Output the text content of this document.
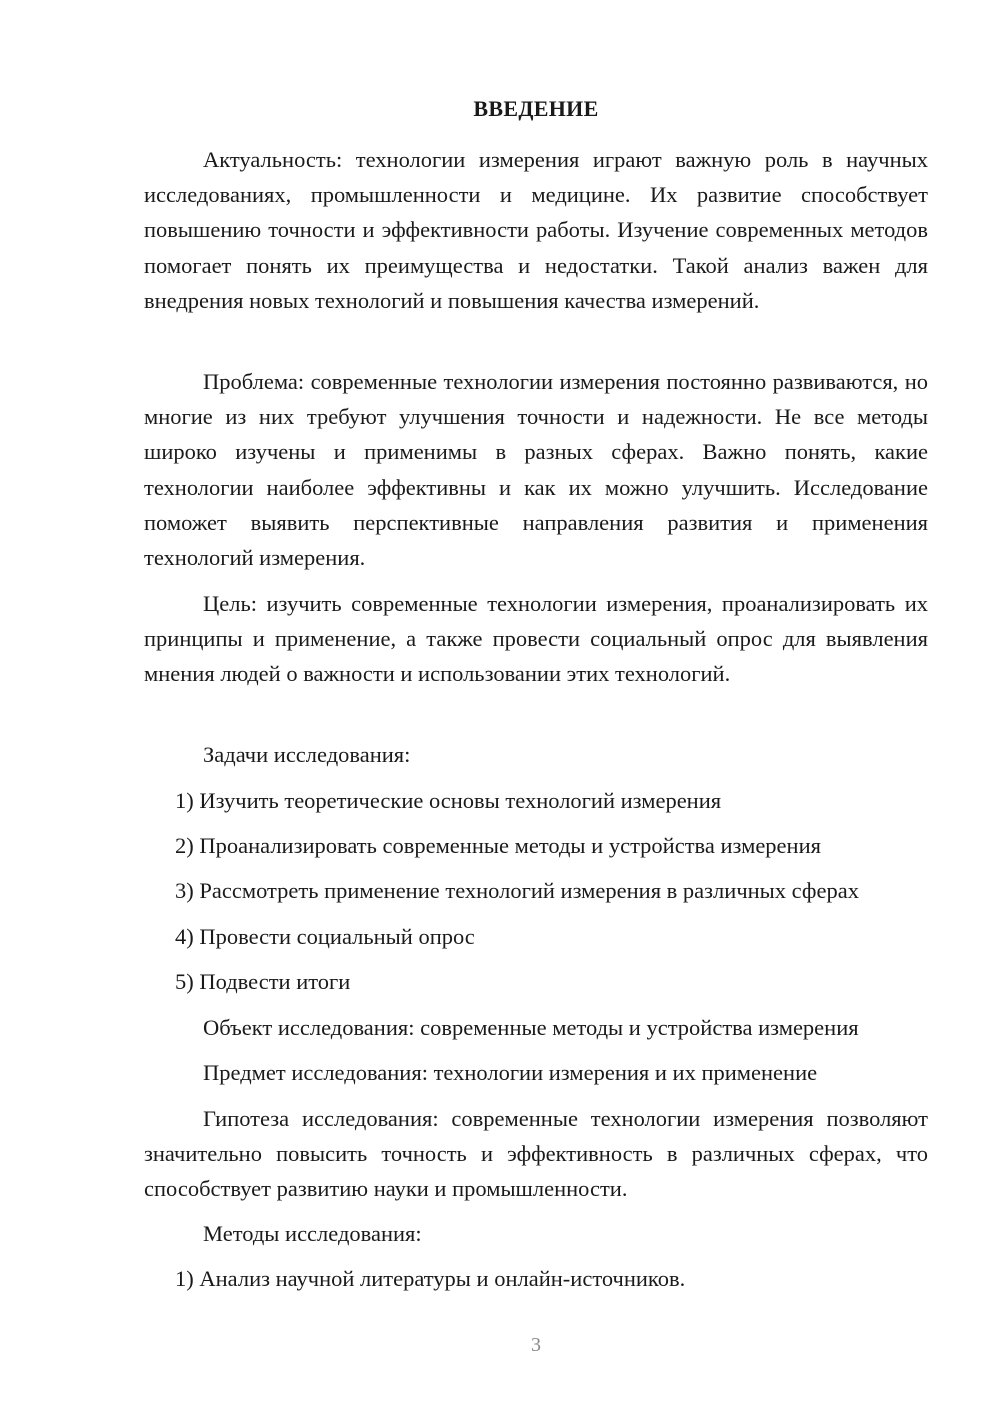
ВВЕДЕНИЕ

Актуальность: технологии измерения играют важную роль в научных исследованиях, промышленности и медицине. Их развитие способствует повышению точности и эффективности работы. Изучение современных методов помогает понять их преимущества и недостатки. Такой анализ важен для внедрения новых технологий и повышения качества измерений.

Проблема: современные технологии измерения постоянно развиваются, но многие из них требуют улучшения точности и надежности. Не все методы широко изучены и применимы в разных сферах. Важно понять, какие технологии наиболее эффективны и как их можно улучшить. Исследование поможет выявить перспективные направления развития и применения технологий измерения.

Цель: изучить современные технологии измерения, проанализировать их принципы и применение, а также провести социальный опрос для выявления мнения людей о важности и использовании этих технологий.

Задачи исследования:

1) Изучить теоретические основы технологий измерения

2) Проанализировать современные методы и устройства измерения

3) Рассмотреть применение технологий измерения в различных сферах

4) Провести социальный опрос

5) Подвести итоги

Объект исследования: современные методы и устройства измерения

Предмет исследования: технологии измерения и их применение

Гипотеза исследования: современные технологии измерения позволяют значительно повысить точность и эффективность в различных сферах, что способствует развитию науки и промышленности.

Методы исследования:

1) Анализ научной литературы и онлайн-источников.

3
